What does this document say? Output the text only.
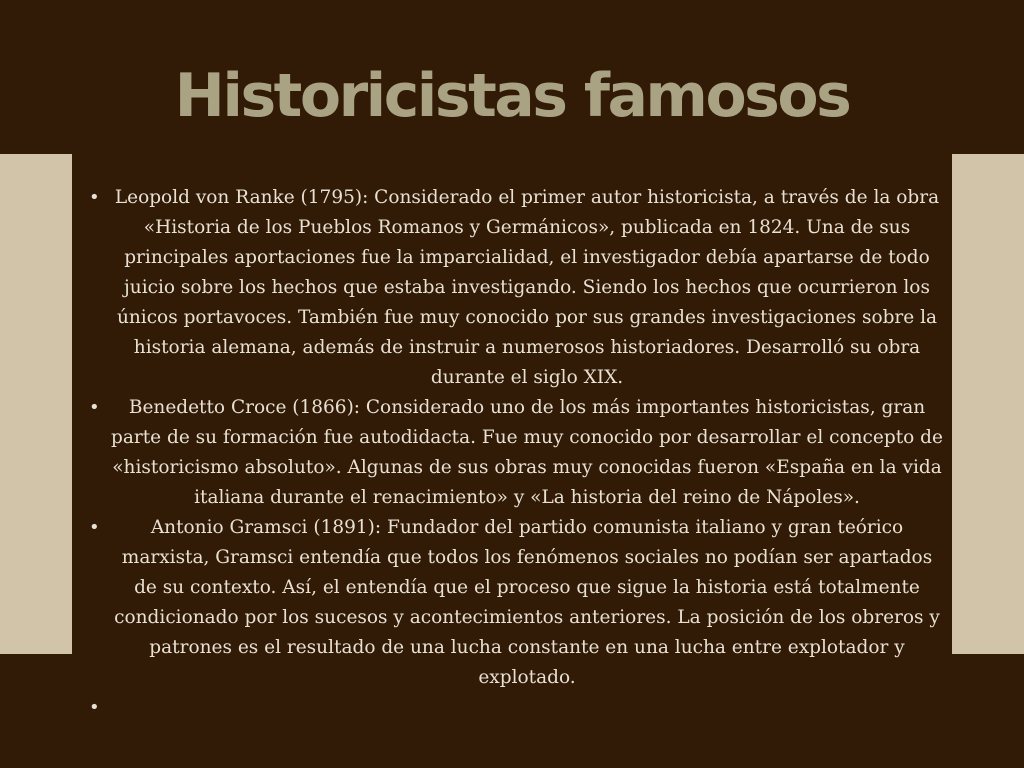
Historicistas famosos
• Leopold von Ranke (1795): Considerado el primer autor historicista, a través de la obra «Historia de los Pueblos Romanos y Germánicos», publicada en 1824. Una de sus principales aportaciones fue la imparcialidad, el investigador debía apartarse de todo juicio sobre los hechos que estaba investigando. Siendo los hechos que ocurrieron los únicos portavoces. También fue muy conocido por sus grandes investigaciones sobre la historia alemana, además de instruir a numerosos historiadores. Desarrolló su obra durante el siglo XIX.
•	Benedetto Croce (1866): Considerado uno de los más importantes historicistas, gran parte de su formación fue autodidacta. Fue muy conocido por desarrollar el concepto de «historicismo absoluto». Algunas de sus obras muy conocidas fueron «España en la vida italiana durante el renacimiento» y «La historia del reino de Nápoles».
•	Antonio Gramsci (1891): Fundador del partido comunista italiano y gran teórico marxista, Gramsci entendía que todos los fenómenos sociales no podían ser apartados de su contexto. Así, el entendía que el proceso que sigue la historia está totalmente condicionado por los sucesos y acontecimientos anteriores. La posición de los obreros y patrones es el resultado de una lucha constante en una lucha entre explotador y explotado.
•
